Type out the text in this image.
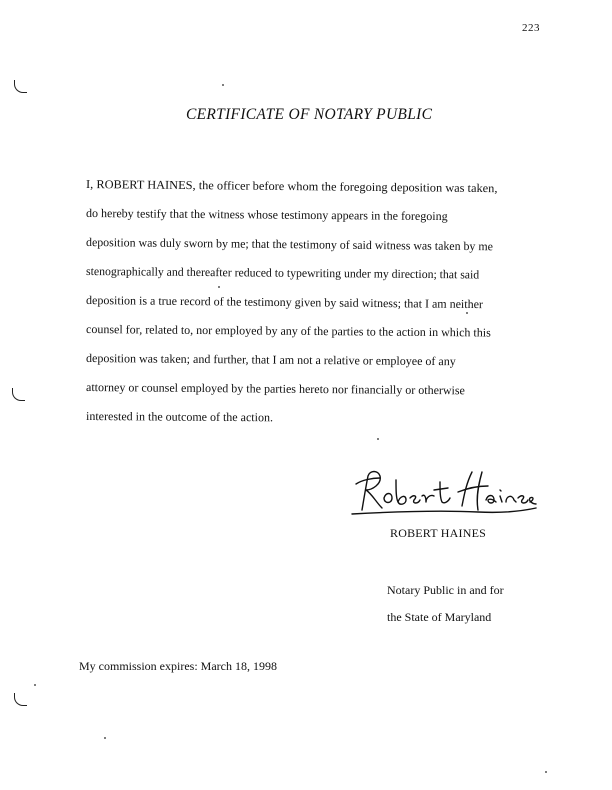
223
CERTIFICATE OF NOTARY PUBLIC
I, ROBERT HAINES, the officer before whom the foregoing deposition was taken,
do hereby testify that the witness whose testimony appears in the foregoing
deposition was duly sworn by me; that the testimony of said witness was taken by me
stenographically and thereafter reduced to typewriting under my direction; that said
deposition is a true record of the testimony given by said witness; that I am neither
counsel for, related to, nor employed by any of the parties to the action in which this
deposition was taken; and further, that I am not a relative or employee of any
attorney or counsel employed by the parties hereto nor financially or otherwise
interested in the outcome of the action.
ROBERT HAINES
Notary Public in and for
the State of Maryland
My commission expires: March 18, 1998
